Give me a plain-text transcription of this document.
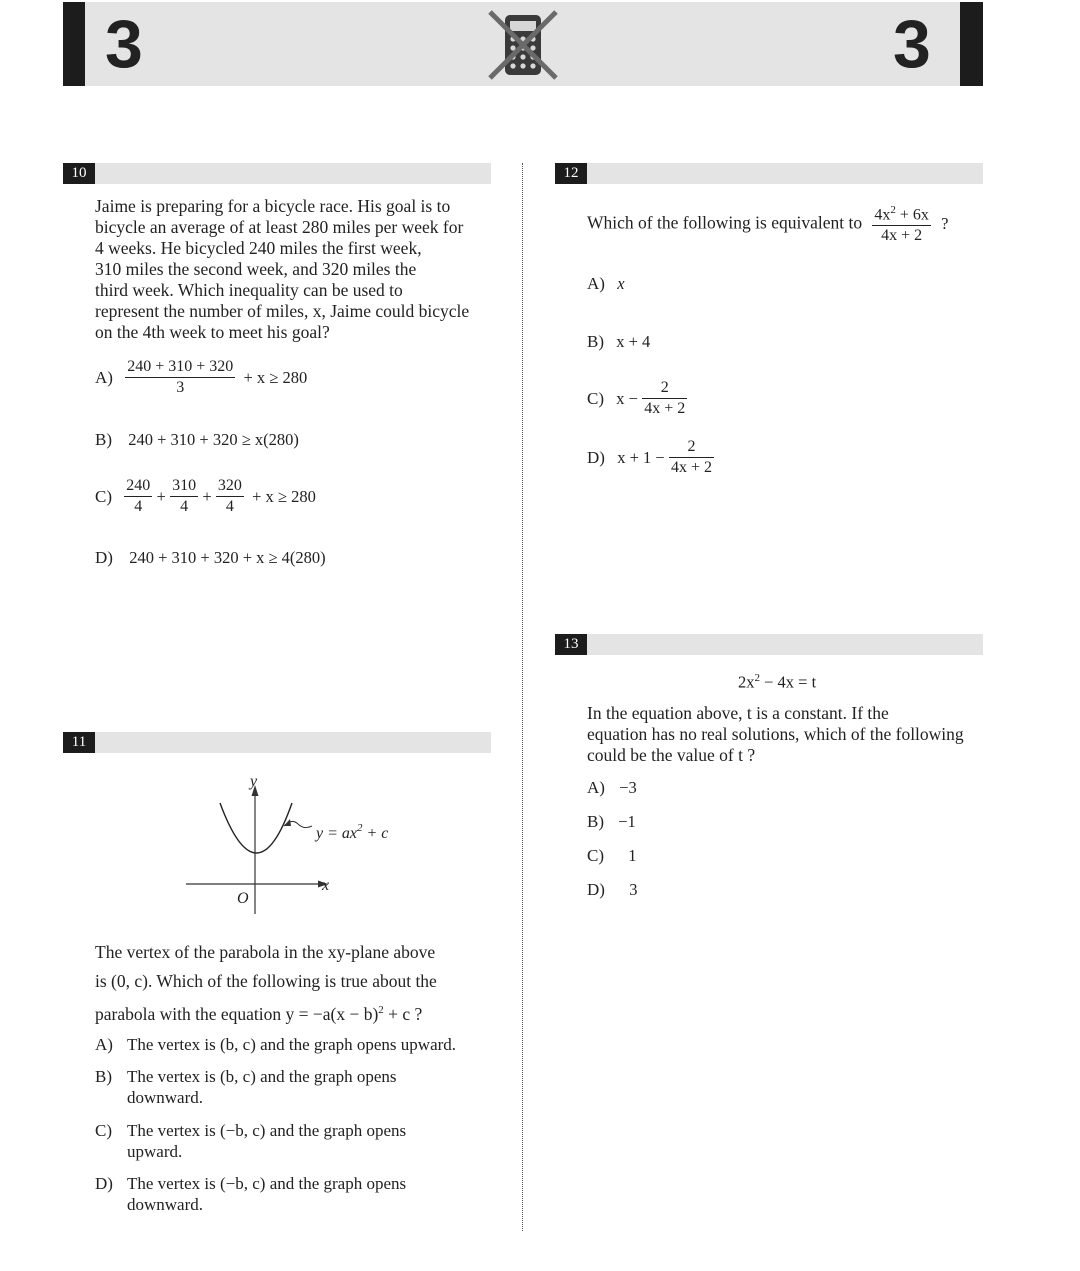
3	3
10
Jaime is preparing for a bicycle race. His goal is to
bicycle an average of at least 280 miles per week for
4 weeks. He bicycled 240 miles the first week,
310 miles the second week, and 320 miles the
third week. Which inequality can be used to
represent the number of miles, x, Jaime could bicycle
on the 4th week to meet his goal?
$A) \frac{240 + 310 + 320}{3} + x \ge 280$
B) 240 + 310 + 320 ≥ x(280)
$C) \frac{240}{4} + \frac{310}{4} + \frac{320}{4} + x \ge 280$
D) 240 + 310 + 320 + x ≥ 4(280)
11
y
x
O
$y = ax^2 + c$
The vertex of the parabola in the xy-plane above
is (0, c). Which of the following is true about the
parabola with the equation $y = -a(x - b)^2 + c$ ?
A) The vertex is (b, c) and the graph opens upward.
B) The vertex is (b, c) and the graph opens
downward.
C) The vertex is (−b, c) and the graph opens
upward.
D) The vertex is (−b, c) and the graph opens
downward.
12
Which of the following is equivalent to $\frac{4x^2 + 6x}{4x + 2}$ ?
A) x
B) x + 4
C) $x - \frac{2}{4x + 2}$
D) $x + 1 - \frac{2}{4x + 2}$
13
$2x^2 - 4x = t$
In the equation above, t is a constant. If the
equation has no real solutions, which of the following
could be the value of t ?
A) −3
B) −1
C) 1
D) 3
